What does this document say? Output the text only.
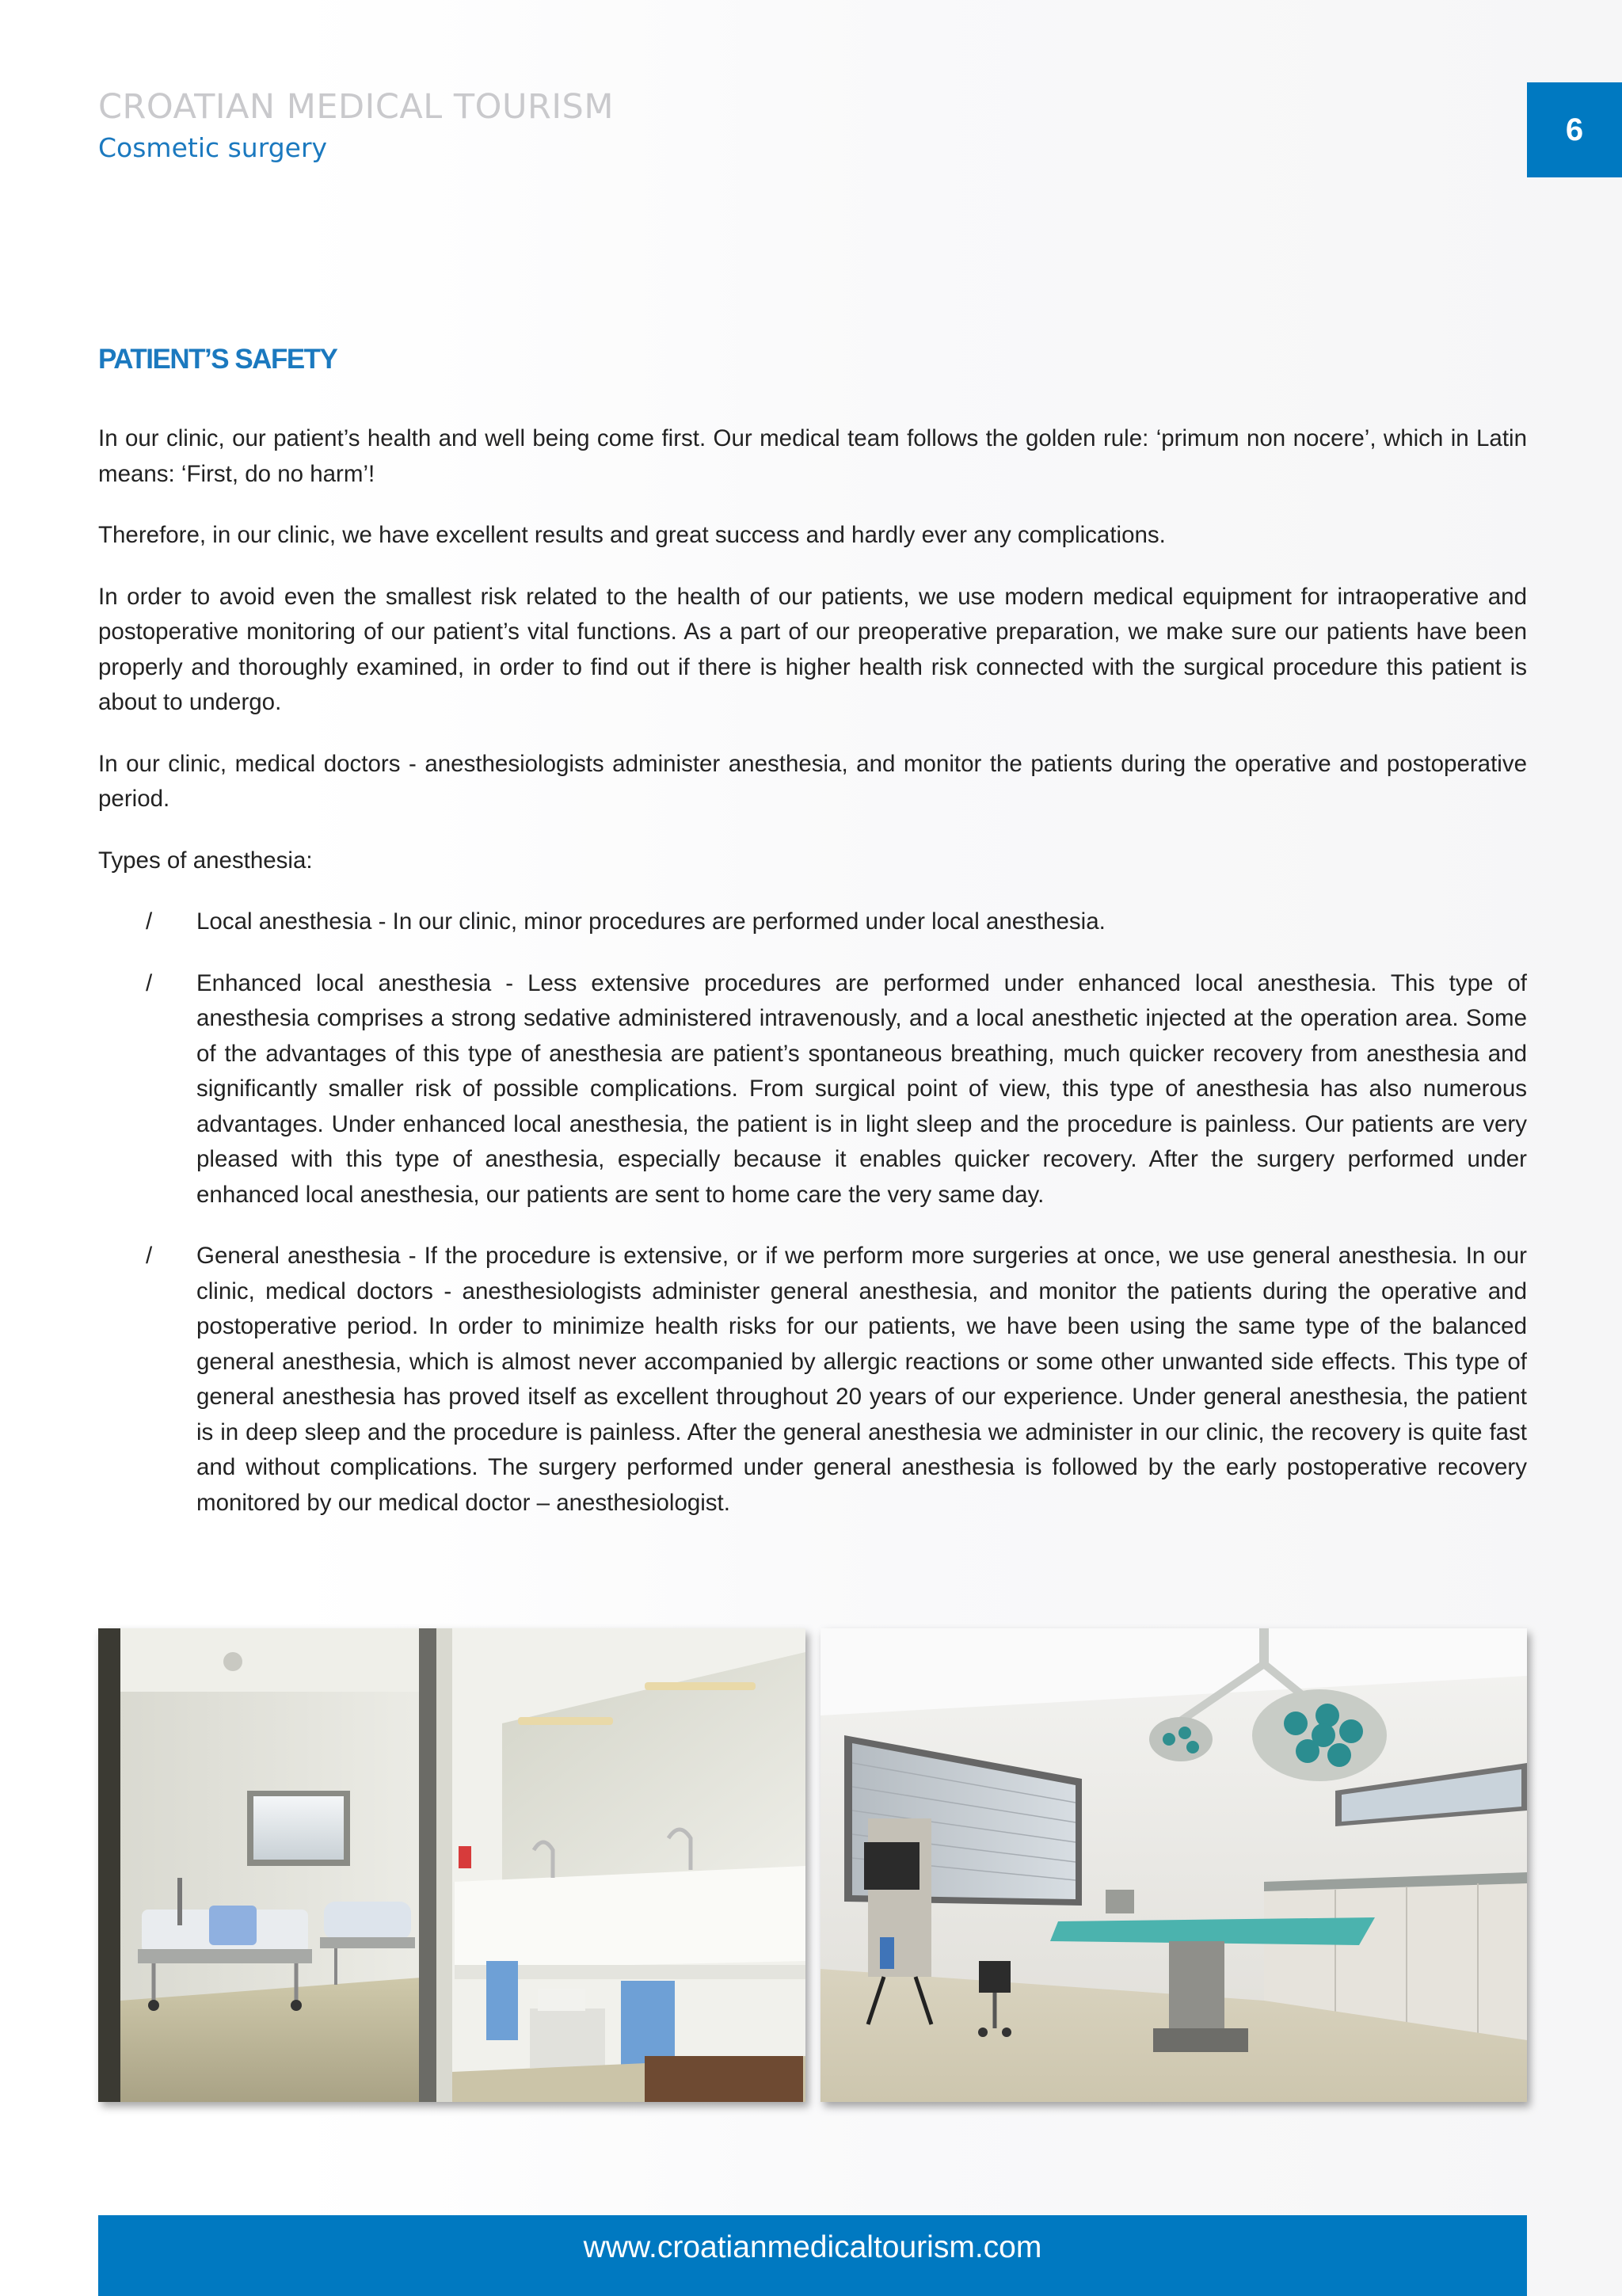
CROATIAN MEDICAL TOURISM
Cosmetic surgery
6
PATIENT’S SAFETY

In our clinic, our patient’s health and well being come first. Our medical team follows the golden rule: ‘primum non nocere’, which in Latin means: ‘First, do no harm’!

Therefore, in our clinic, we have excellent results and great success and hardly ever any complications.

In order to avoid even the smallest risk related to the health of our patients, we use modern medical equipment for intraoperative and postoperative monitoring of our patient’s vital functions. As a part of our preoperative preparation, we make sure our patients have been properly and thoroughly examined, in order to find out if there is higher health risk connected with the surgical procedure this patient is about to undergo.

In our clinic, medical doctors - anesthesiologists administer anesthesia, and monitor the patients during the operative and postoperative period.

Types of anesthesia:

/ Local anesthesia - In our clinic, minor procedures are performed under local anesthesia.
/ Enhanced local anesthesia - Less extensive procedures are performed under enhanced local anesthesia. This type of anesthesia comprises a strong sedative administered intravenously, and a local anesthetic injected at the operation area. Some of the advantages of this type of anesthesia are patient’s spontaneous breathing, much quicker recovery from anesthesia and significantly smaller risk of possible complications. From surgical point of view, this type of anesthesia has also numerous advantages. Under enhanced local anesthesia, the patient is in light sleep and the procedure is painless. Our patients are very pleased with this type of anesthesia, especially because it enables quicker recovery. After the surgery performed under enhanced local anesthesia, our patients are sent to home care the very same day.
/ General anesthesia - If the procedure is extensive, or if we perform more surgeries at once, we use general anesthesia. In our clinic, medical doctors - anesthesiologists administer general anesthesia, and monitor the patients during the operative and postoperative period. In order to minimize health risks for our patients, we have been using the same type of the balanced general anesthesia, which is almost never accompanied by allergic reactions or some other unwanted side effects. This type of general anesthesia has proved itself as excellent throughout 20 years of our experience. Under general anesthesia, the patient is in deep sleep and the procedure is painless. After the general anesthesia we administer in our clinic, the recovery is quite fast and without complications. The surgery performed under general anesthesia is followed by the early postoperative recovery monitored by our medical doctor – anesthesiologist.
www.croatianmedicaltourism.com
